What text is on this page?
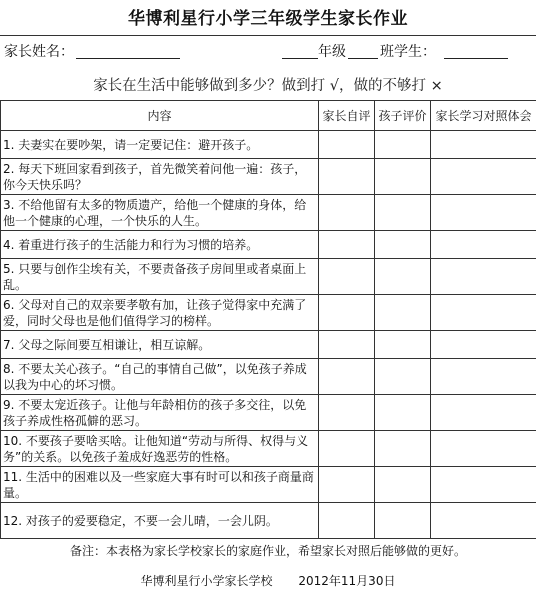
华博利星行小学三年级学生家长作业
家长姓名：	年级 班学生：
家长在生活中能够做到多少？做到打 √，做的不够打 ×
内容	家长自评	孩子评价	家长学习对照体会
1. 夫妻实在要吵架，请一定要记住：避开孩子。			
2. 每天下班回家看到孩子，首先微笑着问他一遍：孩子，你今天快乐吗？			
3. 不给他留有太多的物质遗产，给他一个健康的身体，给他一个健康的心理，一个快乐的人生。			
4. 着重进行孩子的生活能力和行为习惯的培养。			
5. 只要与创作尘埃有关，不要责备孩子房间里或者桌面上乱。			
6. 父母对自己的双亲要孝敬有加，让孩子觉得家中充满了爱，同时父母也是他们值得学习的榜样。			
7. 父母之际间要互相谦让，相互谅解。			
8. 不要太关心孩子。“自己的事情自己做”，以免孩子养成以我为中心的坏习惯。			
9. 不要太宠近孩子。让他与年龄相仿的孩子多交往，以免孩子养成性格孤僻的恶习。			
10. 不要孩子要啥买啥。让他知道“劳动与所得、权得与义务”的关系。以免孩子羞成好逸恶劳的性格。			
11. 生活中的困难以及一些家庭大事有时可以和孩子商量商量。			
12. 对孩子的爱要稳定，不要一会儿晴，一会儿阴。			
备注：本表格为家长学校家长的家庭作业，希望家长对照后能够做的更好。
华博利星行小学家长学校 2012年11月30日
